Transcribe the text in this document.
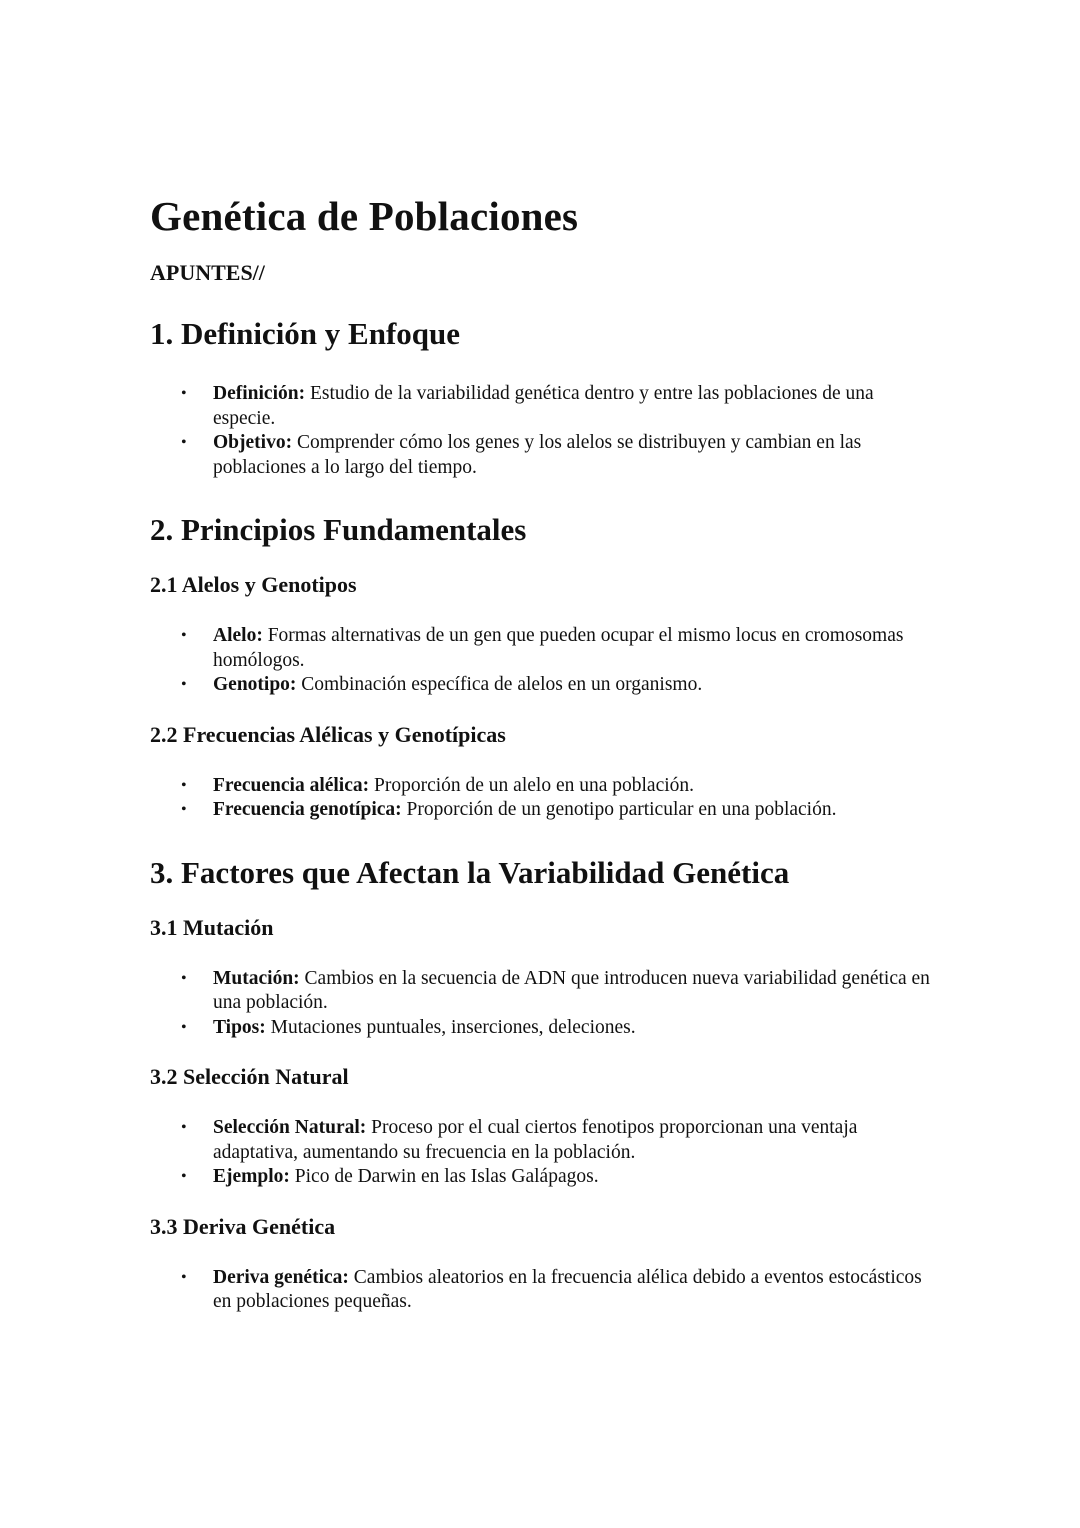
Genética de Poblaciones
APUNTES//
1. Definición y Enfoque
• Definición: Estudio de la variabilidad genética dentro y entre las poblaciones de una especie.
• Objetivo: Comprender cómo los genes y los alelos se distribuyen y cambian en las poblaciones a lo largo del tiempo.
2. Principios Fundamentales
2.1 Alelos y Genotipos
• Alelo: Formas alternativas de un gen que pueden ocupar el mismo locus en cromosomas homólogos.
• Genotipo: Combinación específica de alelos en un organismo.
2.2 Frecuencias Alélicas y Genotípicas
• Frecuencia alélica: Proporción de un alelo en una población.
• Frecuencia genotípica: Proporción de un genotipo particular en una población.
3. Factores que Afectan la Variabilidad Genética
3.1 Mutación
• Mutación: Cambios en la secuencia de ADN que introducen nueva variabilidad genética en una población.
• Tipos: Mutaciones puntuales, inserciones, deleciones.
3.2 Selección Natural
• Selección Natural: Proceso por el cual ciertos fenotipos proporcionan una ventaja adaptativa, aumentando su frecuencia en la población.
• Ejemplo: Pico de Darwin en las Islas Galápagos.
3.3 Deriva Genética
• Deriva genética: Cambios aleatorios en la frecuencia alélica debido a eventos estocásticos en poblaciones pequeñas.
